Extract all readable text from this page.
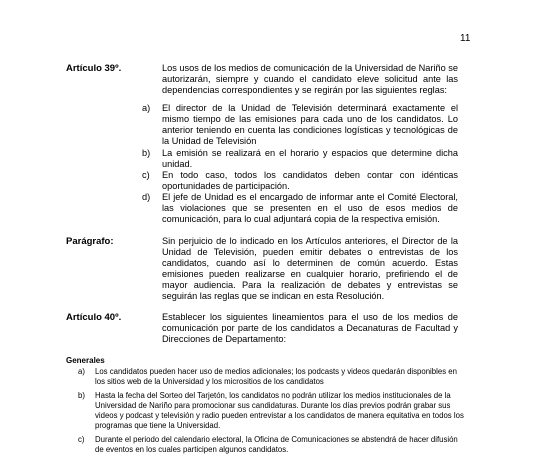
11
Artículo 39º.	Los usos de los medios de comunicación de la Universidad de Nariño se autorizarán, siempre y cuando el candidato eleve solicitud ante las dependencias correspondientes y se regirán por las siguientes reglas:
a) El director de la Unidad de Televisión determinará exactamente el mismo tiempo de las emisiones para cada uno de los candidatos. Lo anterior teniendo en cuenta las condiciones logísticas y tecnológicas de la Unidad de Televisión
b) La emisión se realizará en el horario y espacios que determine dicha unidad.
c) En todo caso, todos los candidatos deben contar con idénticas oportunidades de participación.
d) El jefe de Unidad es el encargado de informar ante el Comité Electoral, las violaciones que se presenten en el uso de esos medios de comunicación, para lo cual adjuntará copia de la respectiva emisión.
Parágrafo:	Sin perjuicio de lo indicado en los Artículos anteriores, el Director de la Unidad de Televisión, pueden emitir debates o entrevistas de los candidatos, cuando así lo determinen de común acuerdo. Estas emisiones pueden realizarse en cualquier horario, prefiriendo el de mayor audiencia. Para la realización de debates y entrevistas se seguirán las reglas que se indican en esta Resolución.
Artículo 40º.	Establecer los siguientes lineamientos para el uso de los medios de comunicación por parte de los candidatos a Decanaturas de Facultad y Direcciones de Departamento:
Generales
a) Los candidatos pueden hacer uso de medios adicionales; los podcasts y videos quedarán disponibles en los sitios web de la Universidad y los micrositios de los candidatos
b) Hasta la fecha del Sorteo del Tarjetón, los candidatos no podrán utilizar los medios institucionales de la Universidad de Nariño para promocionar sus candidaturas. Durante los días previos podrán grabar sus videos y podcast y televisión y radio pueden entrevistar a los candidatos de manera equitativa en todos los programas que tiene la Universidad.
c) Durante el periodo del calendario electoral, la Oficina de Comunicaciones se abstendrá de hacer difusión de eventos en los cuales participen algunos candidatos.
